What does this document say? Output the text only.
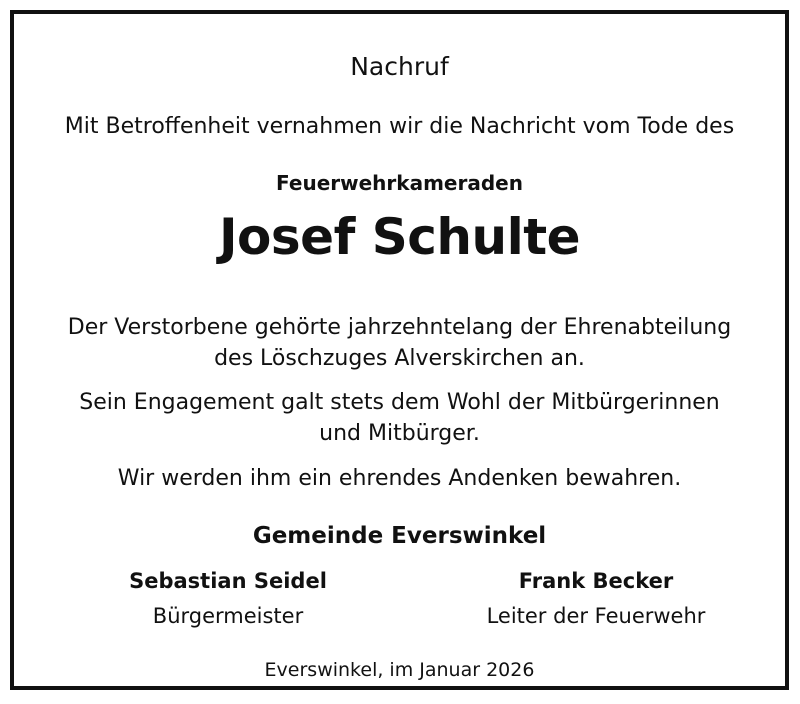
Nachruf
Mit Betroffenheit vernahmen wir die Nachricht vom Tode des
Feuerwehrkameraden
Josef Schulte
Der Verstorbene gehörte jahrzehntelang der Ehrenabteilung
des Löschzuges Alverskirchen an.
Sein Engagement galt stets dem Wohl der Mitbürgerinnen
und Mitbürger.
Wir werden ihm ein ehrendes Andenken bewahren.
Gemeinde Everswinkel
Sebastian Seidel
Bürgermeister
Frank Becker
Leiter der Feuerwehr
Everswinkel, im Januar 2026
